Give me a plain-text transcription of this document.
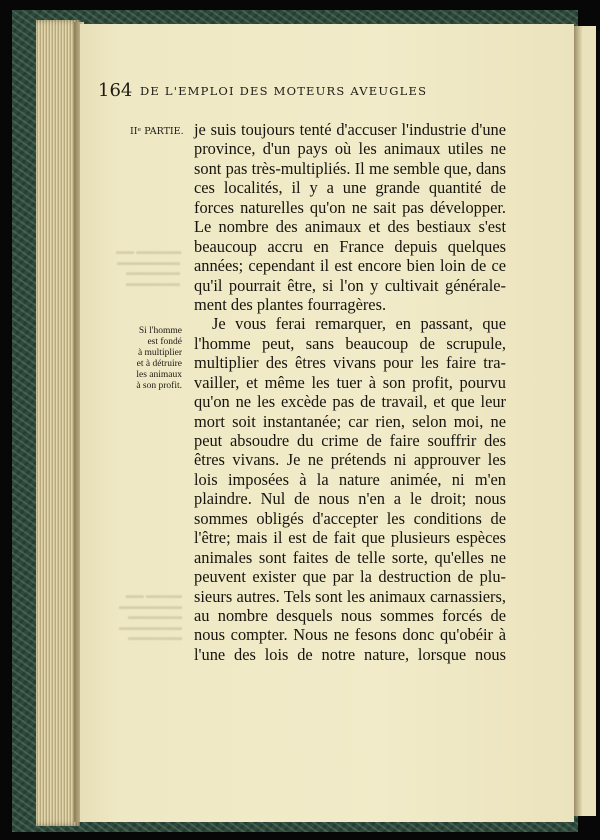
164 DE L'EMPLOI DES MOTEURS AVEUGLES
IIᵉ PARTIE.
▬▬ ▬▬▬▬▬
▬▬▬▬▬▬▬
▬▬▬▬▬▬
▬▬▬▬▬▬
▬▬ ▬▬▬▬
▬▬▬▬▬▬▬
▬▬▬▬▬▬
▬▬▬▬▬▬▬
▬▬▬▬▬▬
Si l'homme
est fondé
à multiplier
et à détruire
les animaux
à son profit.
je suis toujours tenté d'accuser l'industrie d'une
province, d'un pays où les animaux utiles ne
sont pas très-multipliés. Il me semble que, dans
ces localités, il y a une grande quantité de
forces naturelles qu'on ne sait pas développer.
Le nombre des animaux et des bestiaux s'est
beaucoup accru en France depuis quelques
années; cependant il est encore bien loin de ce
qu'il pourrait être, si l'on y cultivait générale-
ment des plantes fourragères.
Je vous ferai remarquer, en passant, que
l'homme peut, sans beaucoup de scrupule,
multiplier des êtres vivans pour les faire tra-
vailler, et même les tuer à son profit, pourvu
qu'on ne les excède pas de travail, et que leur
mort soit instantanée; car rien, selon moi, ne
peut absoudre du crime de faire souffrir des
êtres vivans. Je ne prétends ni approuver les
lois imposées à la nature animée, ni m'en
plaindre. Nul de nous n'en a le droit; nous
sommes obligés d'accepter les conditions de
l'être; mais il est de fait que plusieurs espèces
animales sont faites de telle sorte, qu'elles ne
peuvent exister que par la destruction de plu-
sieurs autres. Tels sont les animaux carnassiers,
au nombre desquels nous sommes forcés de
nous compter. Nous ne fesons donc qu'obéir à
l'une des lois de notre nature, lorsque nous
